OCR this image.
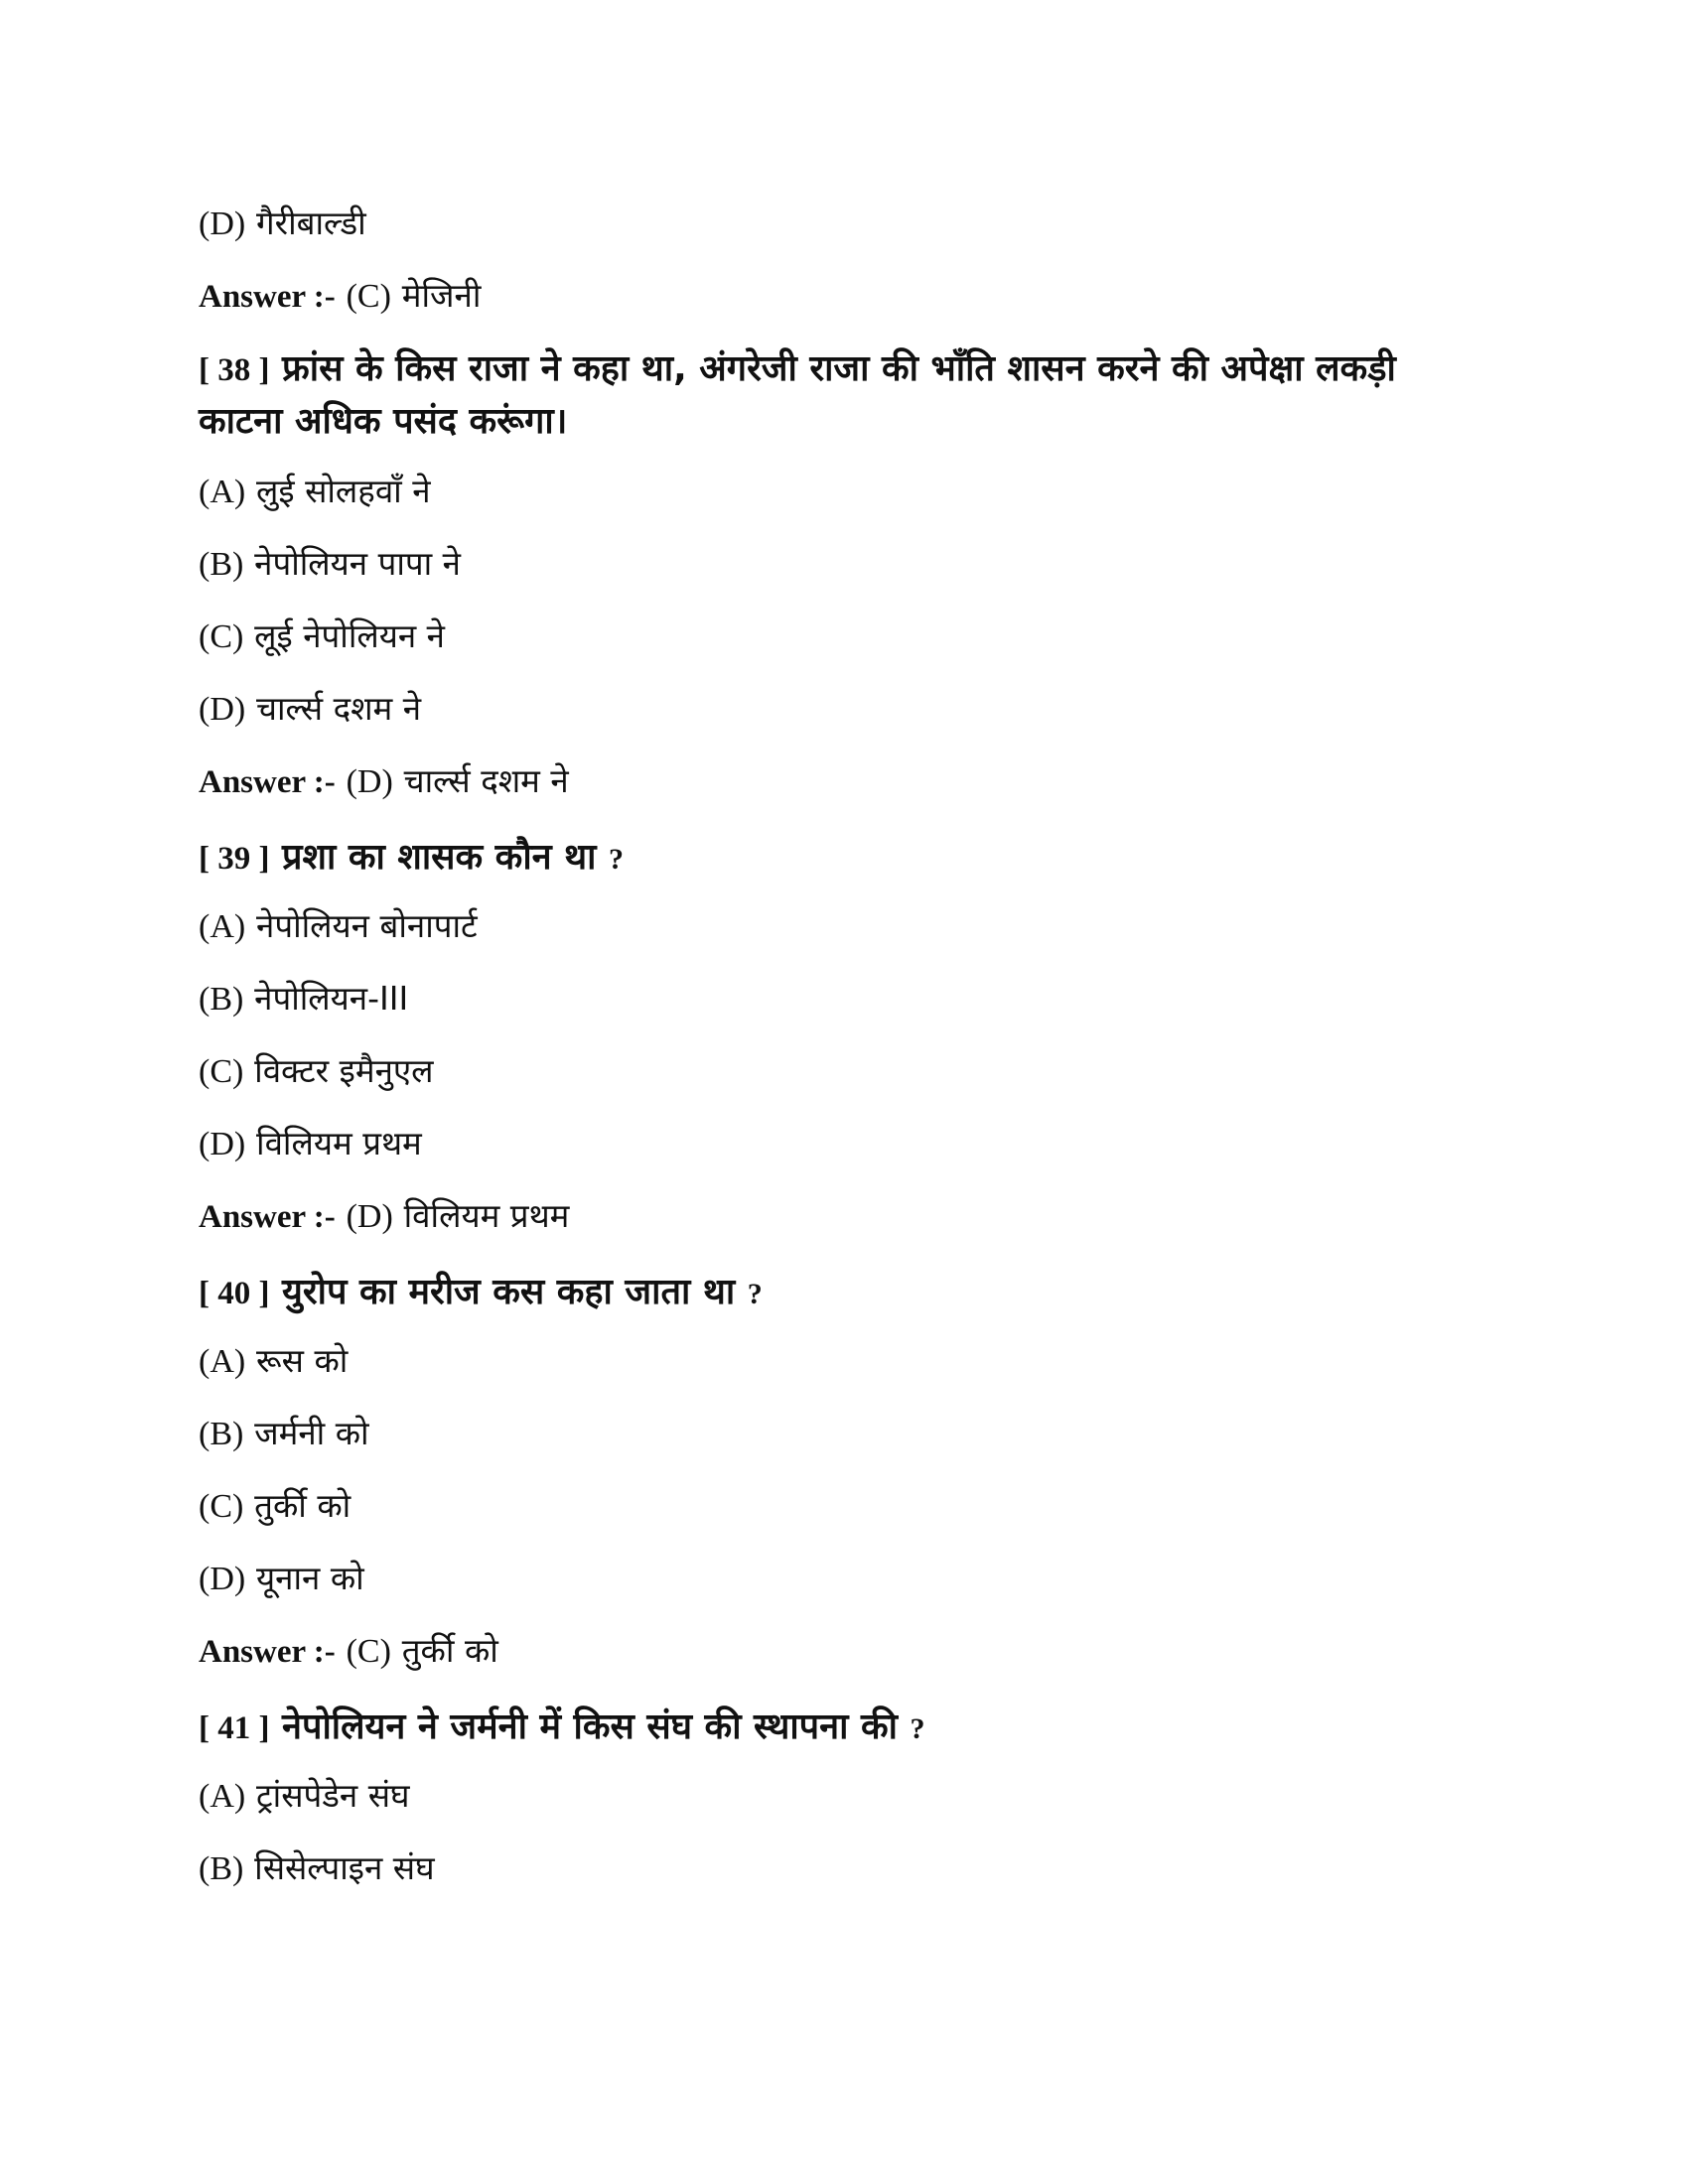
(D) गैरीबाल्डी
Answer :- (C) मेजिनी
[ 38 ] फ्रांस के किस राजा ने कहा था, अंगरेजी राजा की भाँति शासन करने की अपेक्षा लकड़ी काटना अधिक पसंद करूंगा।
(A) लुई सोलहवाँ ने
(B) नेपोलियन पापा ने
(C) लूई नेपोलियन ने
(D) चार्ल्स दशम ने
Answer :- (D) चार्ल्स दशम ने
[ 39 ] प्रशा का शासक कौन था ?
(A) नेपोलियन बोनापार्ट
(B) नेपोलियन-III
(C) विक्टर इमैनुएल
(D) विलियम प्रथम
Answer :- (D) विलियम प्रथम
[ 40 ] युरोप का मरीज कस कहा जाता था ?
(A) रूस को
(B) जर्मनी को
(C) तुर्की को
(D) यूनान को
Answer :- (C) तुर्की को
[ 41 ] नेपोलियन ने जर्मनी में किस संघ की स्थापना की ?
(A) ट्रांसपेडेन संघ
(B) सिसेल्पाइन संघ
